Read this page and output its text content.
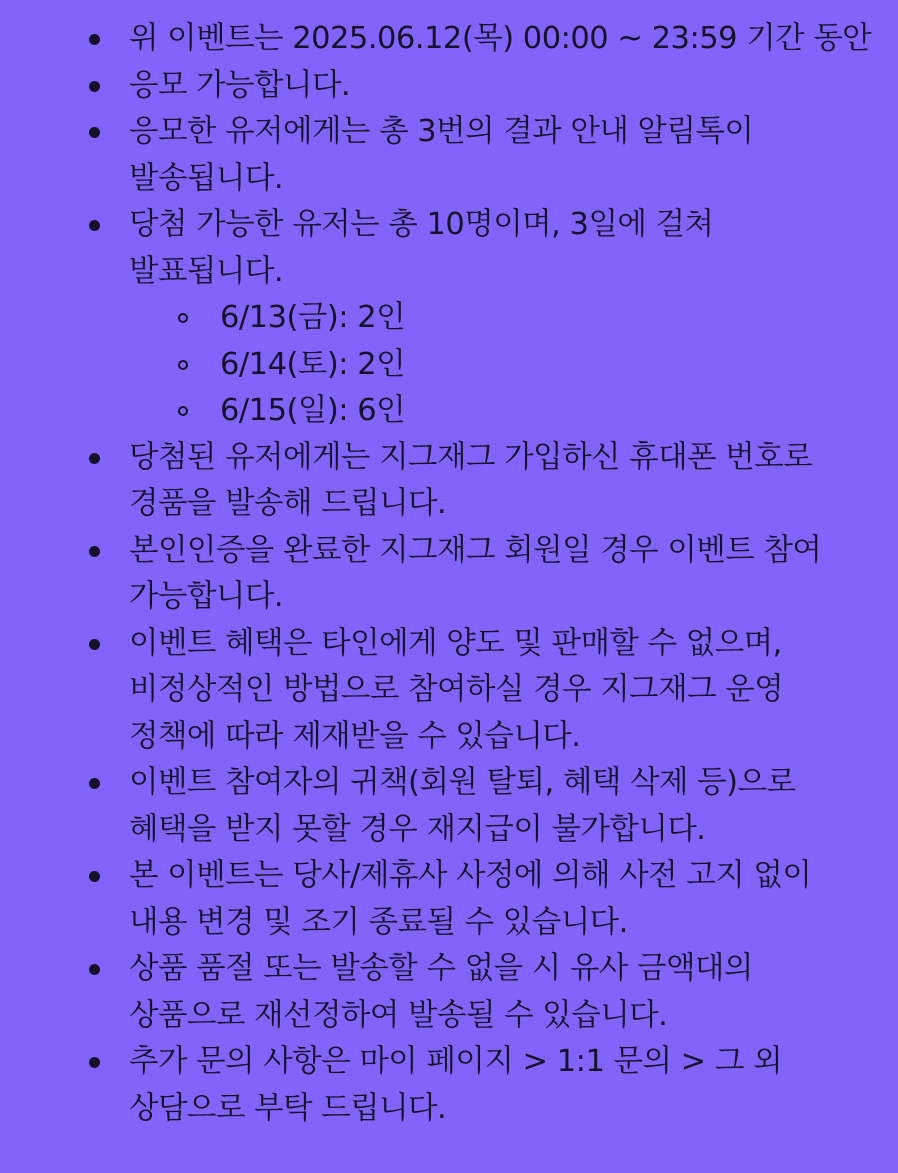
위 이벤트는 2025.06.12(목) 00:00 ~ 23:59 기간 동안
응모 가능합니다.
응모한 유저에게는 총 3번의 결과 안내 알림톡이 발송됩니다.
당첨 가능한 유저는 총 10명이며, 3일에 걸쳐 발표됩니다.
6/13(금): 2인
6/14(토): 2인
6/15(일): 6인
당첨된 유저에게는 지그재그 가입하신 휴대폰 번호로 경품을 발송해 드립니다.
본인인증을 완료한 지그재그 회원일 경우 이벤트 참여 가능합니다.
이벤트 혜택은 타인에게 양도 및 판매할 수 없으며, 비정상적인 방법으로 참여하실 경우 지그재그 운영 정책에 따라 제재받을 수 있습니다.
이벤트 참여자의 귀책(회원 탈퇴, 혜택 삭제 등)으로 혜택을 받지 못할 경우 재지급이 불가합니다.
본 이벤트는 당사/제휴사 사정에 의해 사전 고지 없이 내용 변경 및 조기 종료될 수 있습니다.
상품 품절 또는 발송할 수 없을 시 유사 금액대의 상품으로 재선정하여 발송될 수 있습니다.
추가 문의 사항은 마이 페이지 > 1:1 문의 > 그 외 상담으로 부탁 드립니다.
